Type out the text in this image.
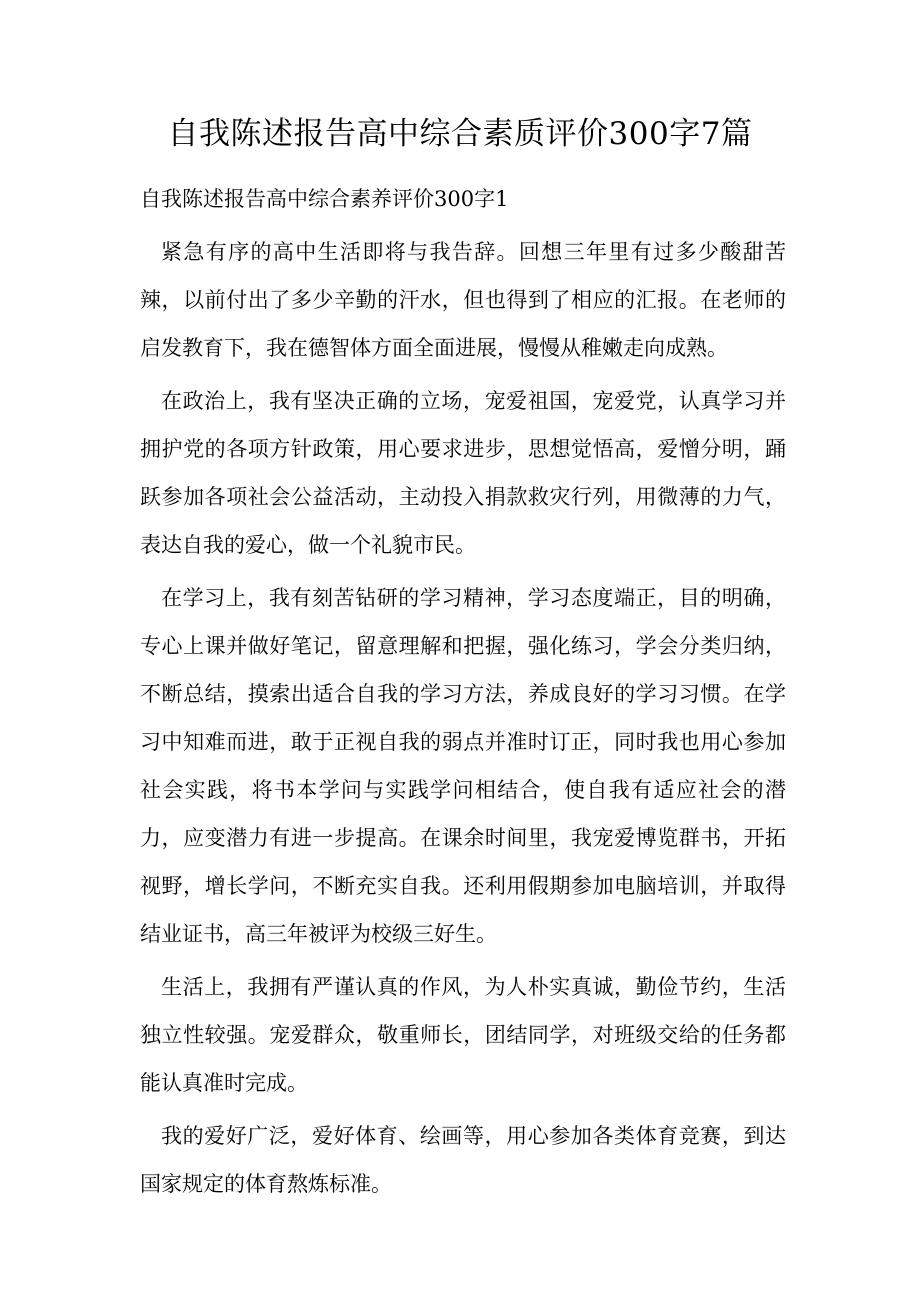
自我陈述报告高中综合素质评价300字7篇

自我陈述报告高中综合素养评价300字1

紧急有序的高中生活即将与我告辞。回想三年里有过多少酸甜苦辣，以前付出了多少辛勤的汗水，但也得到了相应的汇报。在老师的启发教育下，我在德智体方面全面进展，慢慢从稚嫩走向成熟。

在政治上，我有坚决正确的立场，宠爱祖国，宠爱党，认真学习并拥护党的各项方针政策，用心要求进步，思想觉悟高，爱憎分明，踊跃参加各项社会公益活动，主动投入捐款救灾行列，用微薄的力气，表达自我的爱心，做一个礼貌市民。

在学习上，我有刻苦钻研的学习精神，学习态度端正，目的明确，专心上课并做好笔记，留意理解和把握，强化练习，学会分类归纳，不断总结，摸索出适合自我的学习方法，养成良好的学习习惯。在学习中知难而进，敢于正视自我的弱点并准时订正，同时我也用心参加社会实践，将书本学问与实践学问相结合，使自我有适应社会的潜力，应变潜力有进一步提高。在课余时间里，我宠爱博览群书，开拓视野，增长学问，不断充实自我。还利用假期参加电脑培训，并取得结业证书，高三年被评为校级三好生。

生活上，我拥有严谨认真的作风，为人朴实真诚，勤俭节约，生活独立性较强。宠爱群众，敬重师长，团结同学，对班级交给的任务都能认真准时完成。

我的爱好广泛，爱好体育、绘画等，用心参加各类体育竞赛，到达国家规定的体育熬炼标准。
